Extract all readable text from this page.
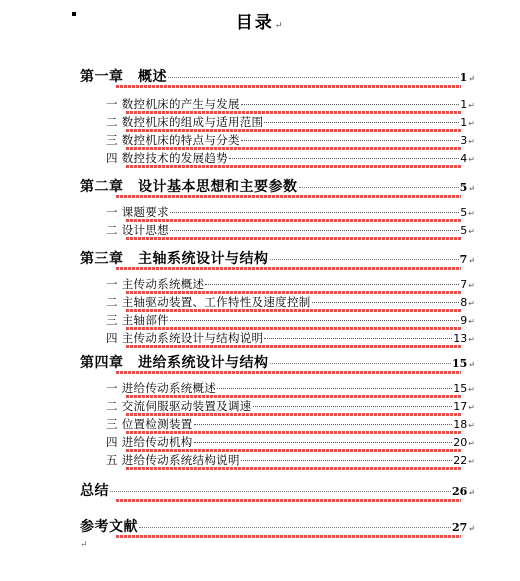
目录↵
第一章　概述	1 ↵
一 数控机床的产生与发展	1 ↵
二 数控机床的组成与适用范围	1 ↵
三 数控机床的特点与分类	3 ↵
四 数控技术的发展趋势	4 ↵
第二章　设计基本思想和主要参数	5 ↵
一 课题要求	5 ↵
二 设计思想	5 ↵
第三章　主轴系统设计与结构	7 ↵
一 主传动系统概述	7 ↵
二 主轴驱动装置、工作特性及速度控制	8 ↵
三 主轴部件	9 ↵
四 主传动系统设计与结构说明	13 ↵
第四章　进给系统设计与结构	15 ↵
一 进给传动系统概述	15 ↵
二 交流伺服驱动装置及调速	17 ↵
三 位置检测装置	18 ↵
四 进给传动机构	20 ↵
五 进给传动系统结构说明	22 ↵
总结	26 ↵
参考文献	27 ↵
↵
